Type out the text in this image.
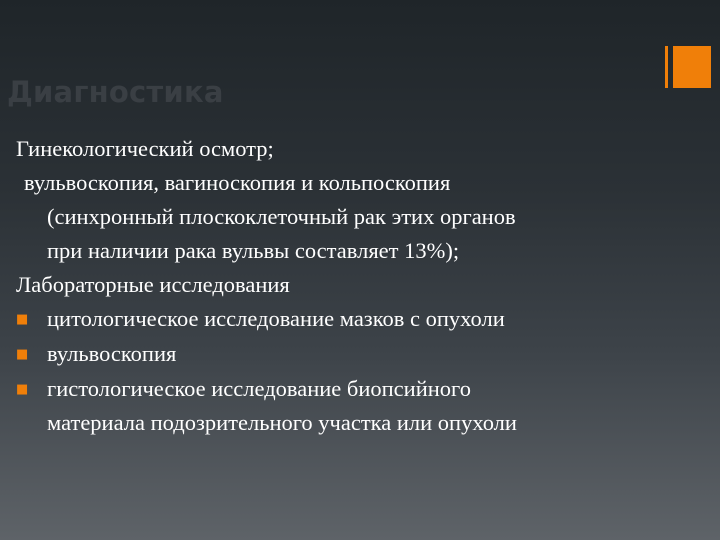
Диагностика
Гинекологический осмотр;
вульвоскопия, вагиноскопия и кольпоскопия
(синхронный плоскоклеточный рак этих органов
при наличии рака вульвы составляет 13%);
Лабораторные исследования
■ цитологическое исследование мазков с опухоли
■ вульвоскопия
■ гистологическое исследование биопсийного
материала подозрительного участка или опухоли
